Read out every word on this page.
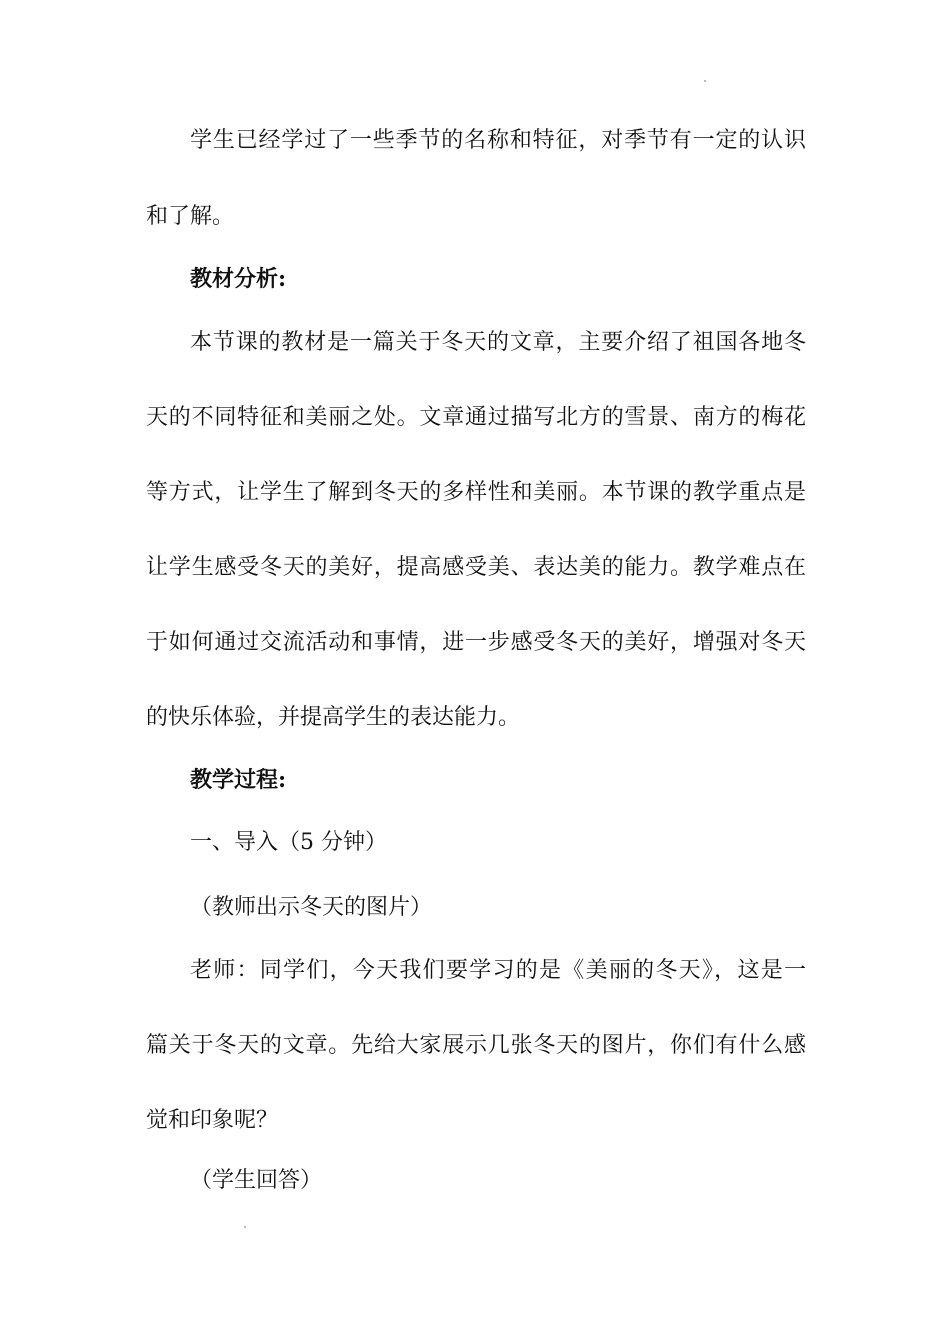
学生已经学过了一些季节的名称和特征，对季节有一定的认识
和了解。
教材分析:
本节课的教材是一篇关于冬天的文章，主要介绍了祖国各地冬
天的不同特征和美丽之处。文章通过描写北方的雪景、南方的梅花
等方式，让学生了解到冬天的多样性和美丽。本节课的教学重点是
让学生感受冬天的美好，提高感受美、表达美的能力。教学难点在
于如何通过交流活动和事情，进一步感受冬天的美好，增强对冬天
的快乐体验，并提高学生的表达能力。
教学过程:
一、导入（5 分钟）
（教师出示冬天的图片）
老师：同学们，今天我们要学习的是《美丽的冬天》，这是一
篇关于冬天的文章。先给大家展示几张冬天的图片，你们有什么感
觉和印象呢？
（学生回答）
